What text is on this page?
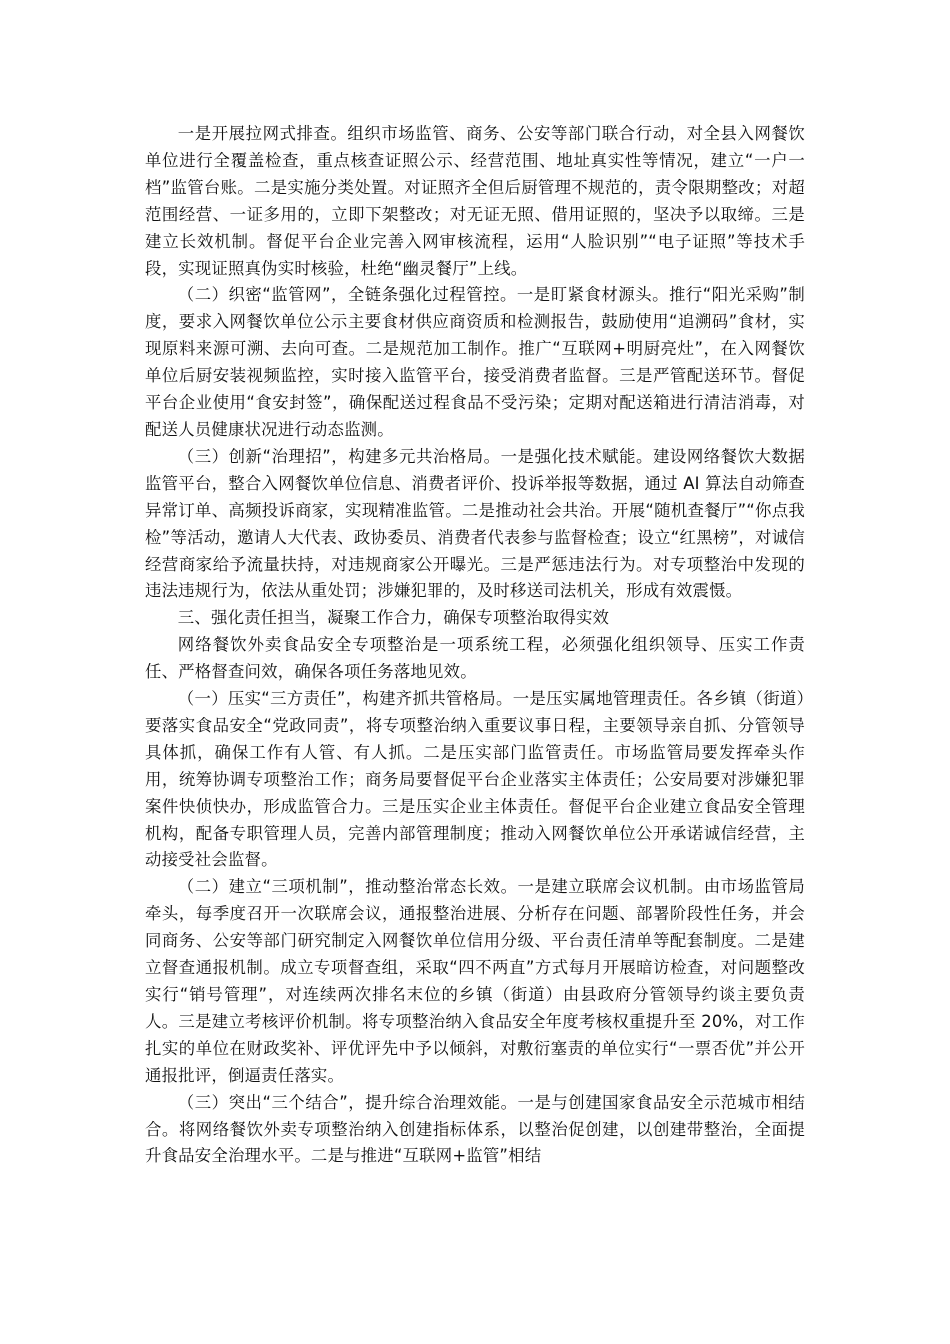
一是开展拉网式排查。组织市场监管、商务、公安等部门联合行动，对全县入网餐饮单位进行全覆盖检查，重点核查证照公示、经营范围、地址真实性等情况，建立“一户一档”监管台账。二是实施分类处置。对证照齐全但后厨管理不规范的，责令限期整改；对超范围经营、一证多用的，立即下架整改；对无证无照、借用证照的，坚决予以取缔。三是建立长效机制。督促平台企业完善入网审核流程，运用“人脸识别”“电子证照”等技术手段，实现证照真伪实时核验，杜绝“幽灵餐厅”上线。

（二）织密“监管网”，全链条强化过程管控。一是盯紧食材源头。推行“阳光采购”制度，要求入网餐饮单位公示主要食材供应商资质和检测报告，鼓励使用“追溯码”食材，实现原料来源可溯、去向可查。二是规范加工制作。推广“互联网+明厨亮灶”，在入网餐饮单位后厨安装视频监控，实时接入监管平台，接受消费者监督。三是严管配送环节。督促平台企业使用“食安封签”，确保配送过程食品不受污染；定期对配送箱进行清洁消毒，对配送人员健康状况进行动态监测。

（三）创新“治理招”，构建多元共治格局。一是强化技术赋能。建设网络餐饮大数据监管平台，整合入网餐饮单位信息、消费者评价、投诉举报等数据，通过 AI 算法自动筛查异常订单、高频投诉商家，实现精准监管。二是推动社会共治。开展“随机查餐厅”“你点我检”等活动，邀请人大代表、政协委员、消费者代表参与监督检查；设立“红黑榜”，对诚信经营商家给予流量扶持，对违规商家公开曝光。三是严惩违法行为。对专项整治中发现的违法违规行为，依法从重处罚；涉嫌犯罪的，及时移送司法机关，形成有效震慑。

三、强化责任担当，凝聚工作合力，确保专项整治取得实效

网络餐饮外卖食品安全专项整治是一项系统工程，必须强化组织领导、压实工作责任、严格督查问效，确保各项任务落地见效。

（一）压实“三方责任”，构建齐抓共管格局。一是压实属地管理责任。各乡镇（街道）要落实食品安全“党政同责”，将专项整治纳入重要议事日程，主要领导亲自抓、分管领导具体抓，确保工作有人管、有人抓。二是压实部门监管责任。市场监管局要发挥牵头作用，统筹协调专项整治工作；商务局要督促平台企业落实主体责任；公安局要对涉嫌犯罪案件快侦快办，形成监管合力。三是压实企业主体责任。督促平台企业建立食品安全管理机构，配备专职管理人员，完善内部管理制度；推动入网餐饮单位公开承诺诚信经营，主动接受社会监督。

（二）建立“三项机制”，推动整治常态长效。一是建立联席会议机制。由市场监管局牵头，每季度召开一次联席会议，通报整治进展、分析存在问题、部署阶段性任务，并会同商务、公安等部门研究制定入网餐饮单位信用分级、平台责任清单等配套制度。二是建立督查通报机制。成立专项督查组，采取“四不两直”方式每月开展暗访检查，对问题整改实行“销号管理”，对连续两次排名末位的乡镇（街道）由县政府分管领导约谈主要负责人。三是建立考核评价机制。将专项整治纳入食品安全年度考核权重提升至 20%，对工作扎实的单位在财政奖补、评优评先中予以倾斜，对敷衍塞责的单位实行“一票否优”并公开通报批评，倒逼责任落实。

（三）突出“三个结合”，提升综合治理效能。一是与创建国家食品安全示范城市相结合。将网络餐饮外卖专项整治纳入创建指标体系，以整治促创建，以创建带整治，全面提升食品安全治理水平。二是与推进“互联网+监管”相结
